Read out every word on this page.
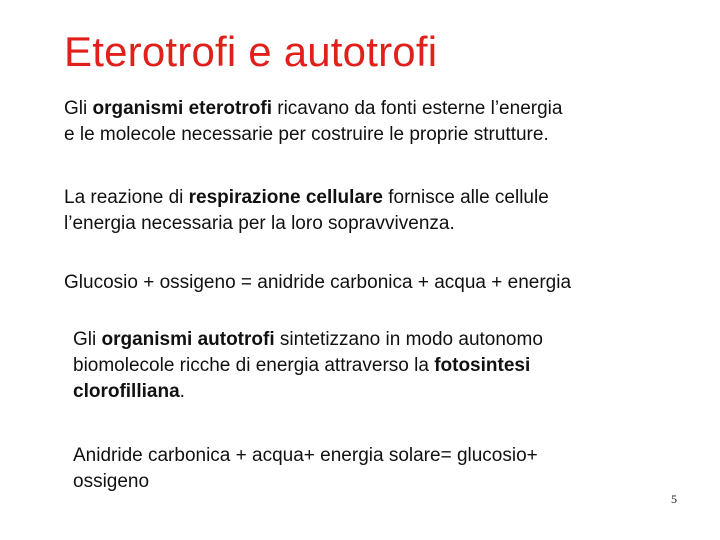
Eterotrofi e autotrofi
Gli organismi eterotrofi ricavano da fonti esterne l’energia
e le molecole necessarie per costruire le proprie strutture.
La reazione di respirazione cellulare fornisce alle cellule
l’energia necessaria per la loro sopravvivenza.
Glucosio + ossigeno = anidride carbonica + acqua + energia
Gli organismi autotrofi sintetizzano in modo autonomo
biomolecole ricche di energia attraverso la fotosintesi
clorofilliana.
Anidride carbonica + acqua+ energia solare= glucosio+
ossigeno
5
